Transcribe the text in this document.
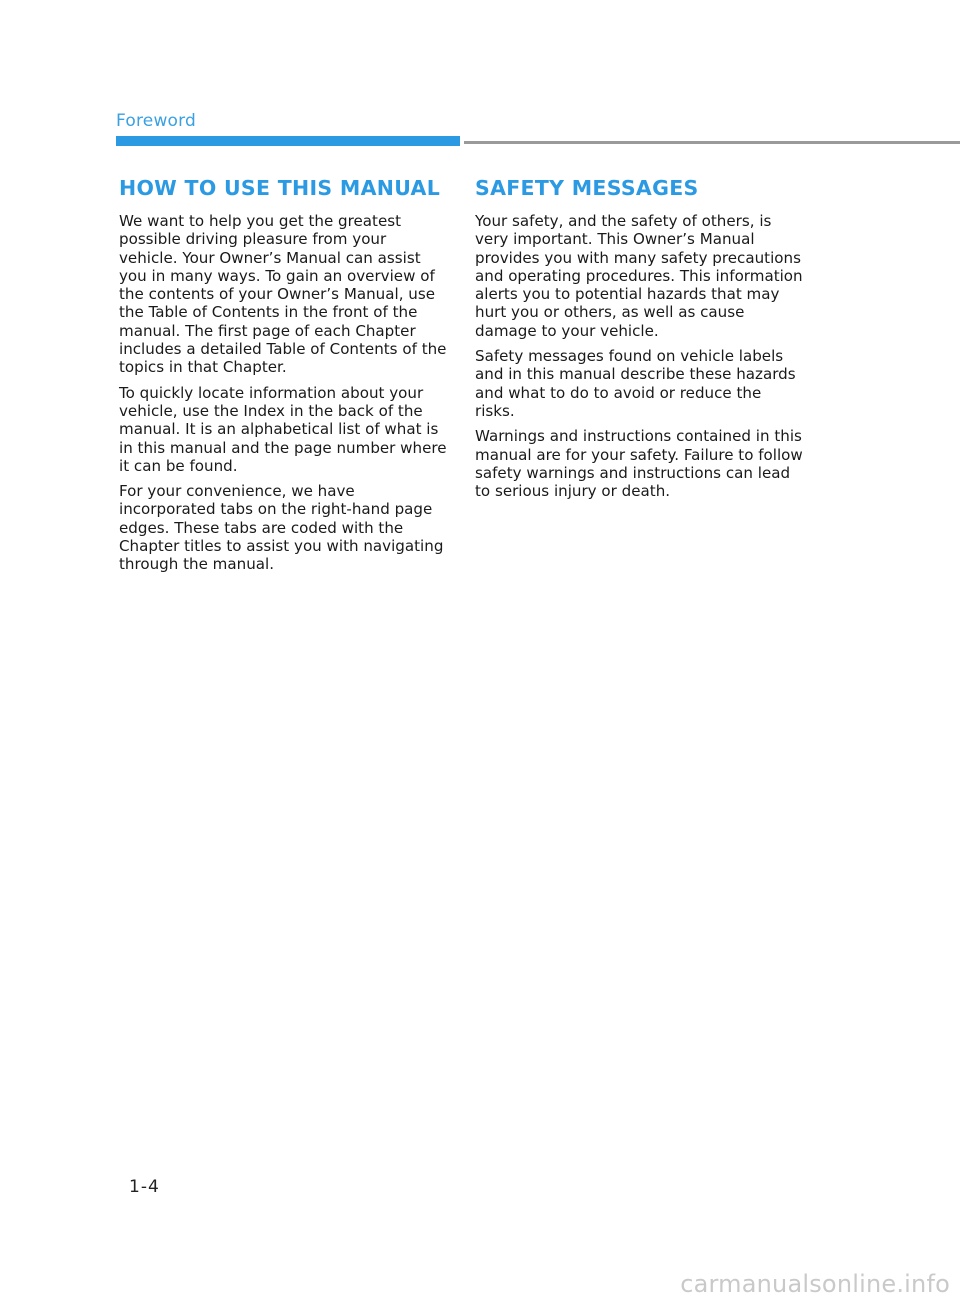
Foreword
HOW TO USE THIS MANUAL

We want to help you get the greatest possible driving pleasure from your vehicle. Your Owner’s Manual can assist you in many ways. To gain an overview of the contents of your Owner’s Manual, use the Table of Contents in the front of the manual. The first page of each Chapter includes a detailed Table of Contents of the topics in that Chapter.

To quickly locate information about your vehicle, use the Index in the back of the manual. It is an alphabetical list of what is in this manual and the page number where it can be found.

For your convenience, we have incorporated tabs on the right-hand page edges. These tabs are coded with the Chapter titles to assist you with navigating through the manual.

SAFETY MESSAGES

Your safety, and the safety of others, is very important. This Owner’s Manual provides you with many safety precautions and operating procedures. This information alerts you to potential hazards that may hurt you or others, as well as cause damage to your vehicle.

Safety messages found on vehicle labels and in this manual describe these hazards and what to do to avoid or reduce the risks.

Warnings and instructions contained in this manual are for your safety. Failure to follow safety warnings and instructions can lead to serious injury or death.

1-4
carmanualsonline.info
